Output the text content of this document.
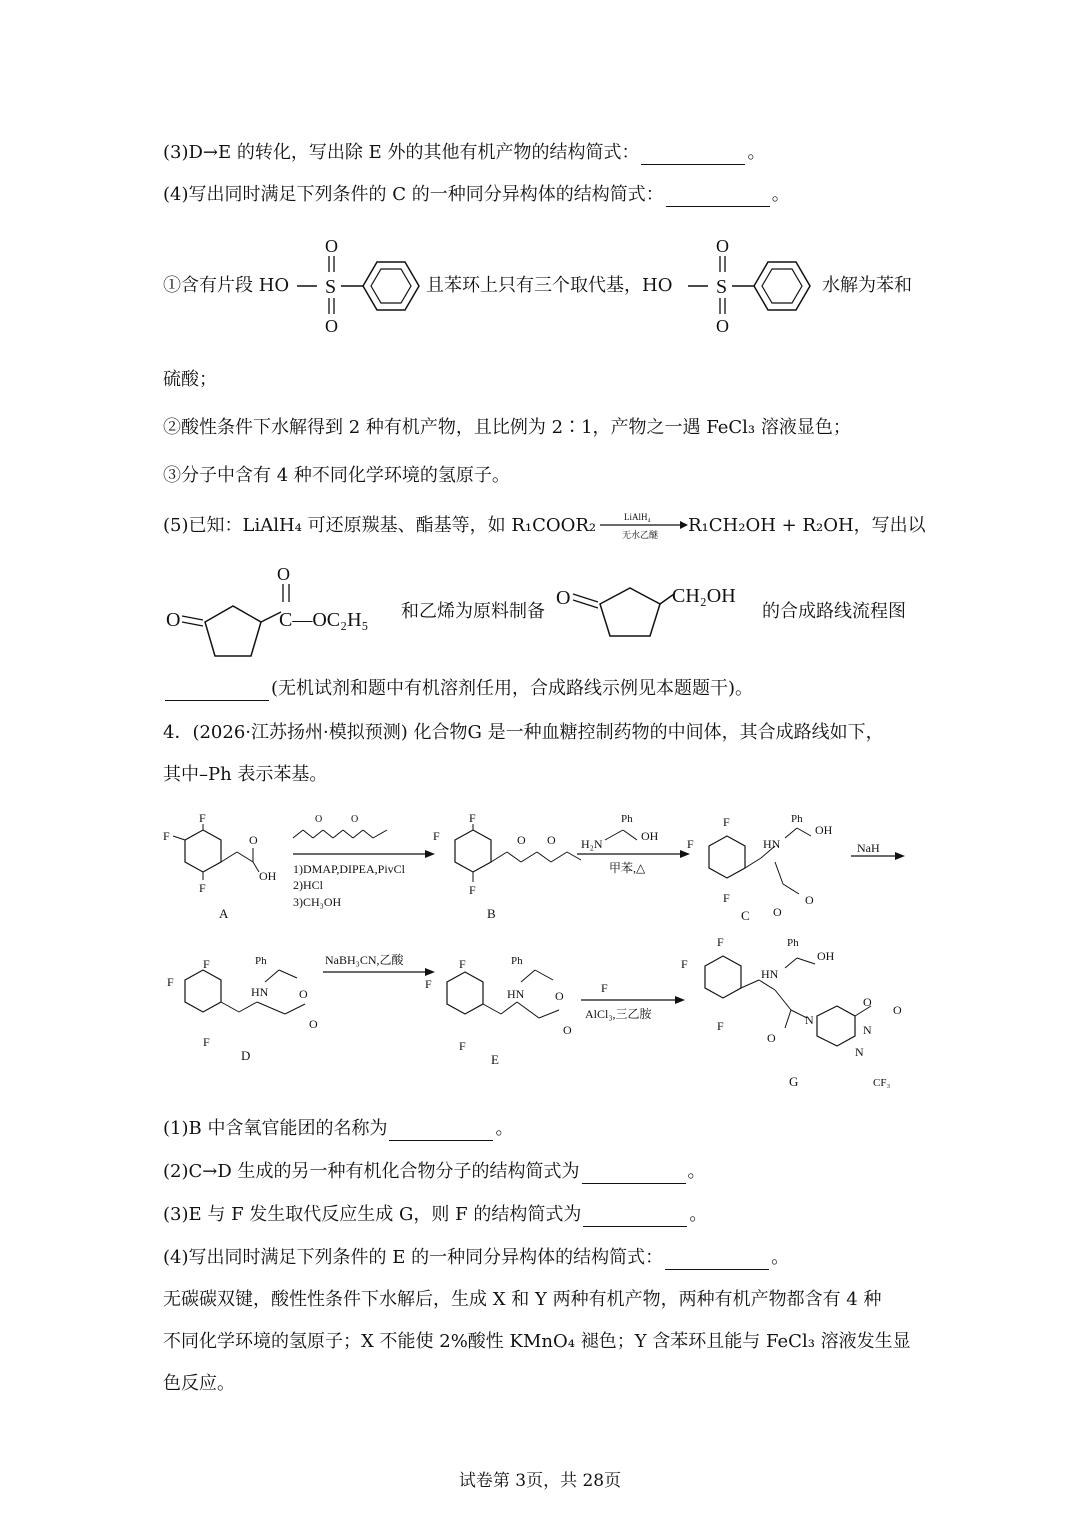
(3)D→E 的转化，写出除 E 外的其他有机产物的结构简式：	。
(4)写出同时满足下列条件的 C 的一种同分异构体的结构简式：	。
①含有片段 HO S
O
O
且苯环上只有三个取代基，HO S
O
O
水解为苯和
硫酸；
②酸性条件下水解得到 2 种有机产物，且比例为 2∶1，产物之一遇 FeCl₃ 溶液显色；
③分子中含有 4 种不同化学环境的氢原子。
(5)已知：LiAlH₄ 可还原羰基、酯基等，如 R₁COOR₂	LiAlH₄
无水乙醚 R₁CH₂OH + R₂OH，写出以
O
O
C—OC₂H₅ 和乙烯为原料制备
O	CH₂OH
的合成路线流程图
(无机试剂和题中有机溶剂任用，合成路线示例见本题题干)。
4．(2026·江苏扬州·模拟预测) 化合物G 是一种血糖控制药物的中间体，其合成路线如下，
其中–Ph 表示苯基。
F
F
F
O
OH
A
O	O
1)DMAP,DIPEA,PivCl
2)HCl
3)CH₃OH
F
F
F
O O
B
Ph
H₂N
OH
甲苯,△
F
F
F
HN
Ph
OH
O
O
C
NaH
F
F
F
HN
Ph
O
O
D
NaBH₃CN,乙酸	F
F
F
HN
Ph
O
O
E
F
AlCl₃,三乙胺
F
F
F
HN
Ph
OH
O
N
N
N
O
O
CF₃
G
(1)B 中含氧官能团的名称为	。
(2)C→D 生成的另一种有机化合物分子的结构简式为	。
(3)E 与 F 发生取代反应生成 G，则 F 的结构简式为	。
(4)写出同时满足下列条件的 E 的一种同分异构体的结构简式：	。
无碳碳双键，酸性性条件下水解后，生成 X 和 Y 两种有机产物，两种有机产物都含有 4 种
不同化学环境的氢原子；X 不能使 2%酸性 KMnO₄ 褪色；Y 含苯环且能与 FeCl₃ 溶液发生显
色反应。
试卷第 3页，共 28页
